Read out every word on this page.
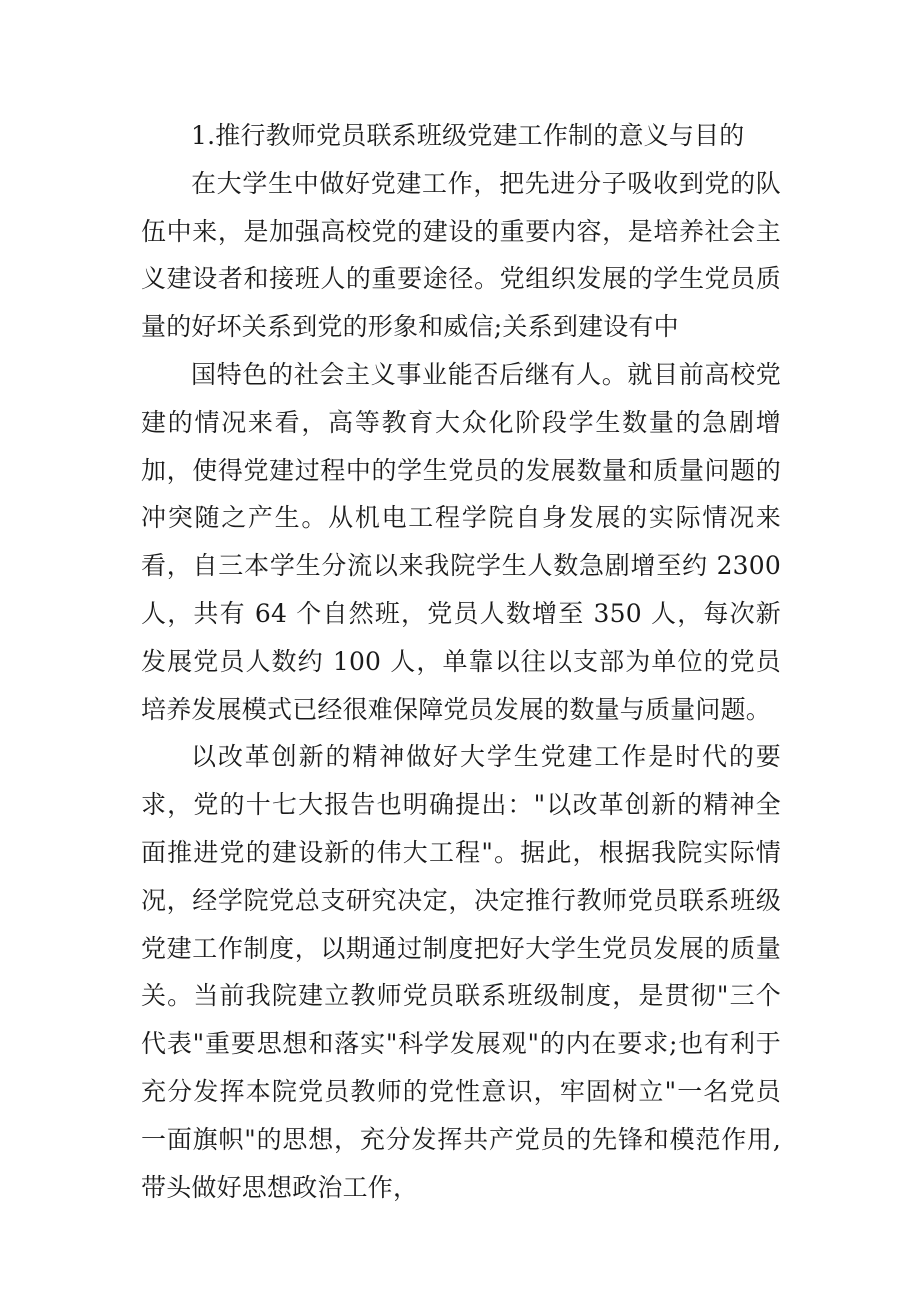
1.推行教师党员联系班级党建工作制的意义与目的

在大学生中做好党建工作，把先进分子吸收到党的队伍中来，是加强高校党的建设的重要内容，是培养社会主义建设者和接班人的重要途径。党组织发展的学生党员质量的好坏关系到党的形象和威信;关系到建设有中

国特色的社会主义事业能否后继有人。就目前高校党建的情况来看，高等教育大众化阶段学生数量的急剧增加，使得党建过程中的学生党员的发展数量和质量问题的冲突随之产生。从机电工程学院自身发展的实际情况来看，自三本学生分流以来我院学生人数急剧增至约 2300 人，共有 64 个自然班，党员人数增至 350 人，每次新发展党员人数约 100 人，单靠以往以支部为单位的党员培养发展模式已经很难保障党员发展的数量与质量问题。

以改革创新的精神做好大学生党建工作是时代的要求，党的十七大报告也明确提出："以改革创新的精神全面推进党的建设新的伟大工程"。据此，根据我院实际情况，经学院党总支研究决定，决定推行教师党员联系班级党建工作制度，以期通过制度把好大学生党员发展的质量关。当前我院建立教师党员联系班级制度，是贯彻"三个代表"重要思想和落实"科学发展观"的内在要求;也有利于充分发挥本院党员教师的党性意识，牢固树立"一名党员一面旗帜"的思想，充分发挥共产党员的先锋和模范作用,带头做好思想政治工作，
